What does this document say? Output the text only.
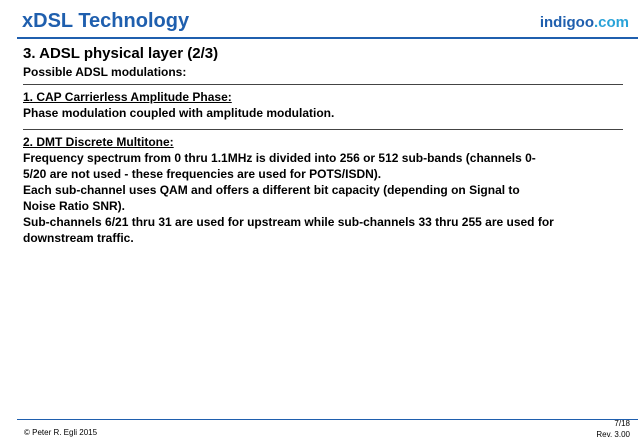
xDSL Technology	indigoo.com
3. ADSL physical layer (2/3)
Possible ADSL modulations:
1. CAP Carrierless Amplitude Phase:
Phase modulation coupled with amplitude modulation.
2. DMT Discrete Multitone:
Frequency spectrum from 0 thru 1.1MHz is divided into 256 or 512 sub-bands (channels 0-
5/20 are not used - these frequencies are used for POTS/ISDN).
Each sub-channel uses QAM and offers a different bit capacity (depending on Signal to
Noise Ratio SNR).
Sub-channels 6/21 thru 31 are used for upstream while sub-channels 33 thru 255 are used for
downstream traffic.
© Peter R. Egli 2015
7/18
Rev. 3.00
